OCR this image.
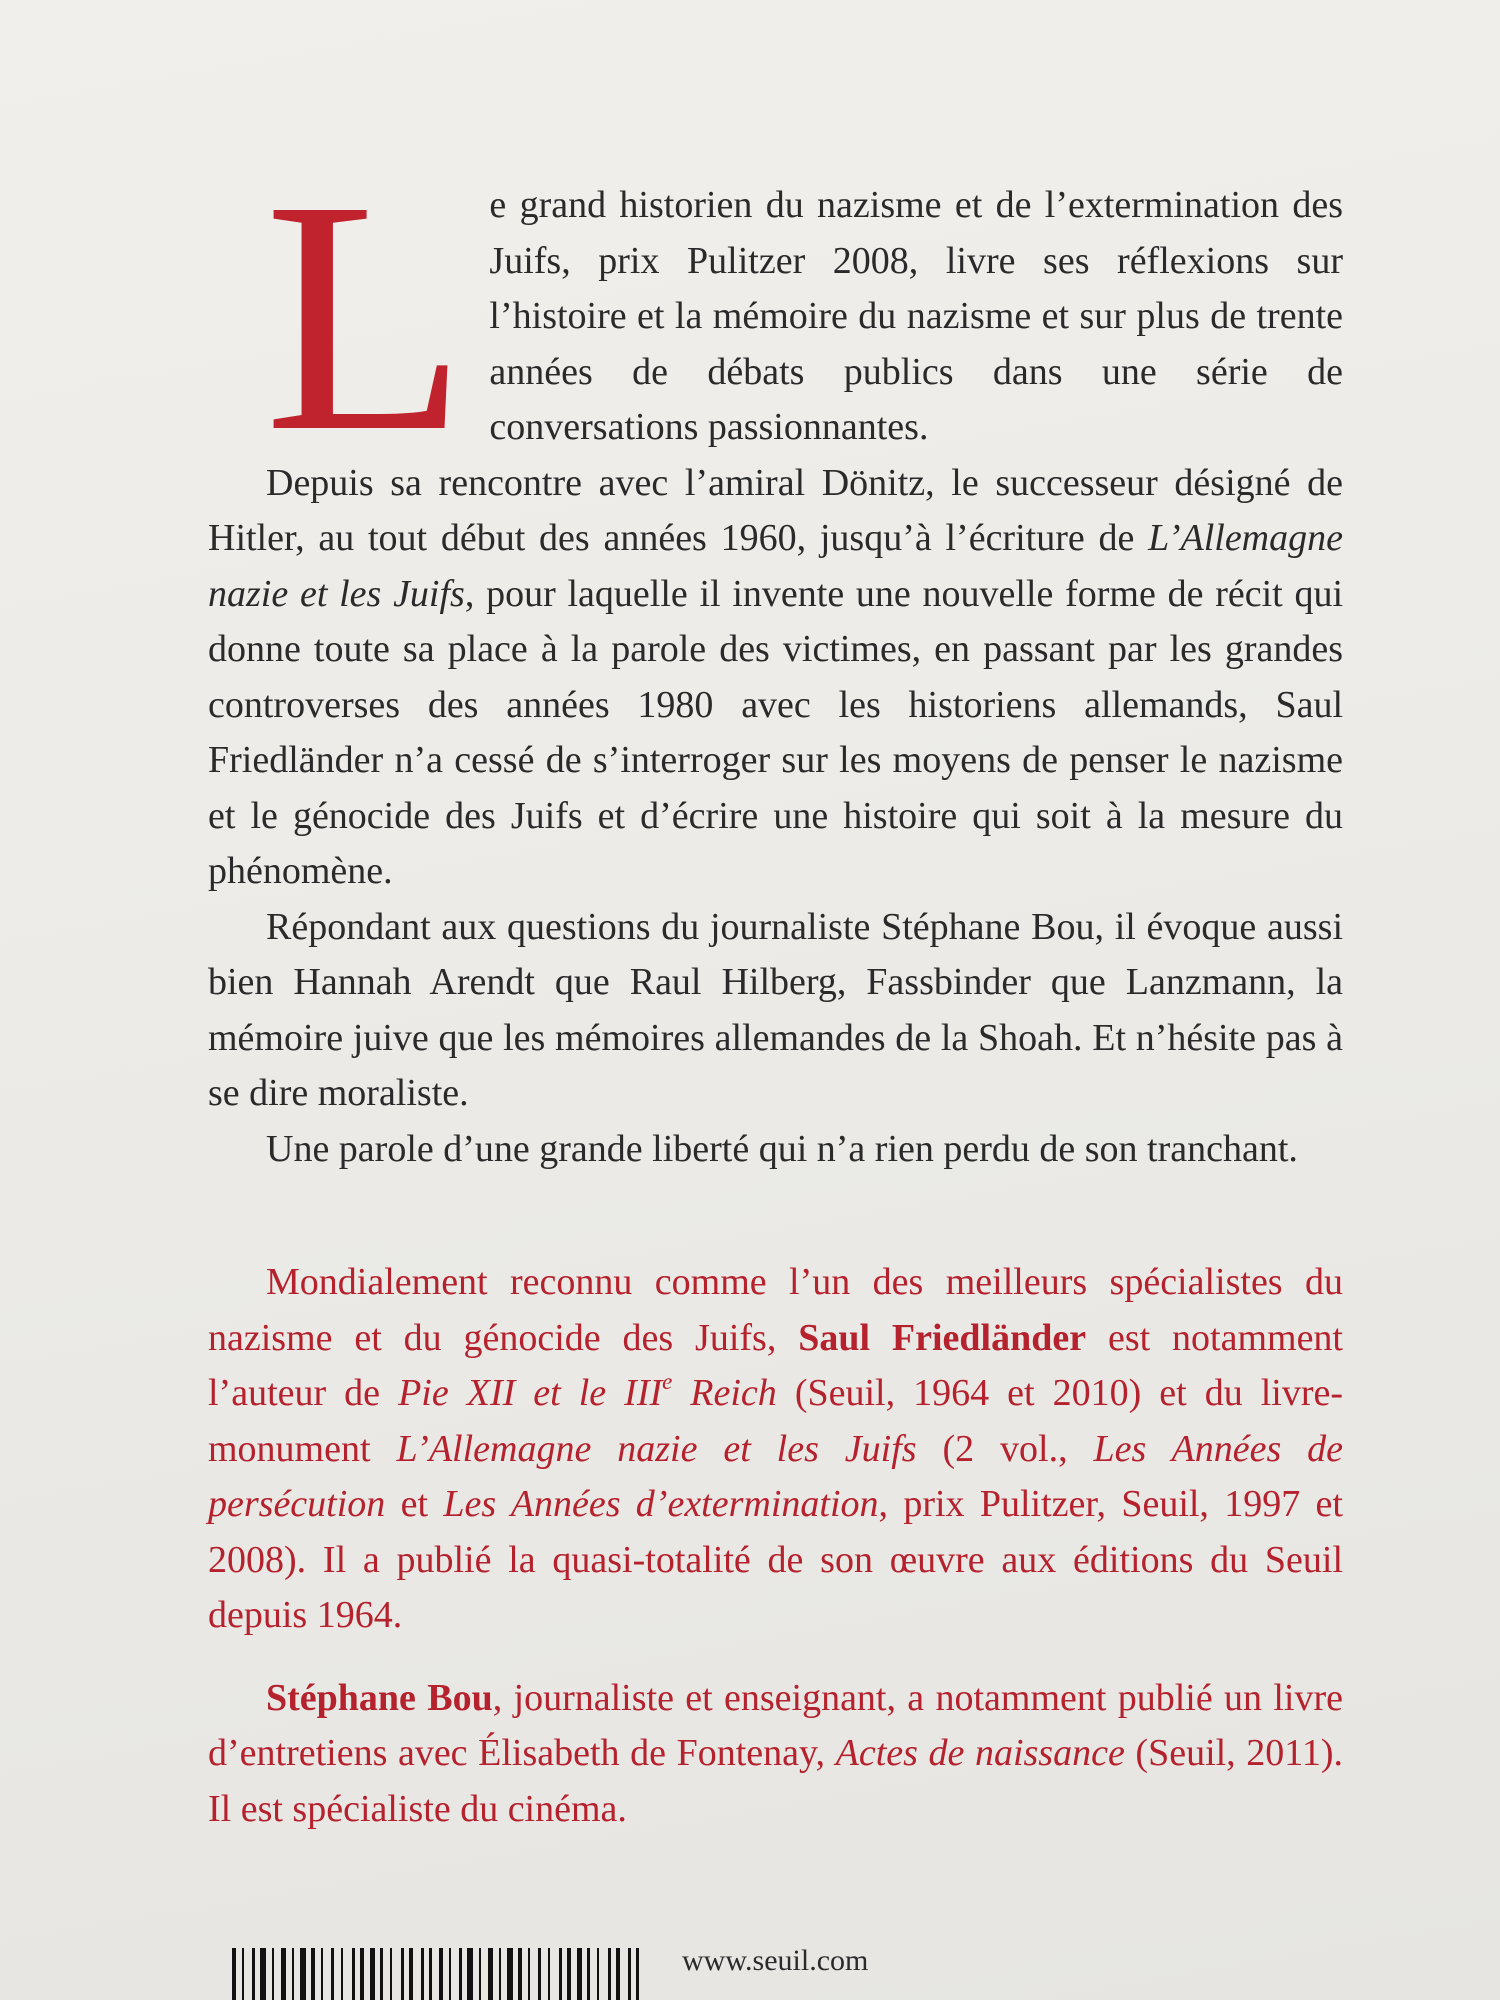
Le grand historien du nazisme et de l’extermination des Juifs, prix Pulitzer 2008, livre ses réflexions sur l’histoire et la mémoire du nazisme et sur plus de trente années de débats publics dans une série de conversations passionnantes.

Depuis sa rencontre avec l’amiral Dönitz, le successeur désigné de Hitler, au tout début des années 1960, jusqu’à l’écriture de L’Allemagne nazie et les Juifs, pour laquelle il invente une nouvelle forme de récit qui donne toute sa place à la parole des victimes, en passant par les grandes controverses des années 1980 avec les historiens allemands, Saul Friedländer n’a cessé de s’interroger sur les moyens de penser le nazisme et le génocide des Juifs et d’écrire une histoire qui soit à la mesure du phénomène.

Répondant aux questions du journaliste Stéphane Bou, il évoque aussi bien Hannah Arendt que Raul Hilberg, Fassbinder que Lanzmann, la mémoire juive que les mémoires allemandes de la Shoah. Et n’hésite pas à se dire moraliste.

Une parole d’une grande liberté qui n’a rien perdu de son tranchant.

Mondialement reconnu comme l’un des meilleurs spécialistes du nazisme et du génocide des Juifs, Saul Friedländer est notamment l’auteur de Pie XII et le IIIe Reich (Seuil, 1964 et 2010) et du livre-monument L’Allemagne nazie et les Juifs (2 vol., Les Années de persécution et Les Années d’extermination, prix Pulitzer, Seuil, 1997 et 2008). Il a publié la quasi-totalité de son œuvre aux éditions du Seuil depuis 1964.

Stéphane Bou, journaliste et enseignant, a notamment publié un livre d’entretiens avec Élisabeth de Fontenay, Actes de naissance (Seuil, 2011). Il est spécialiste du cinéma.

www.seuil.com
